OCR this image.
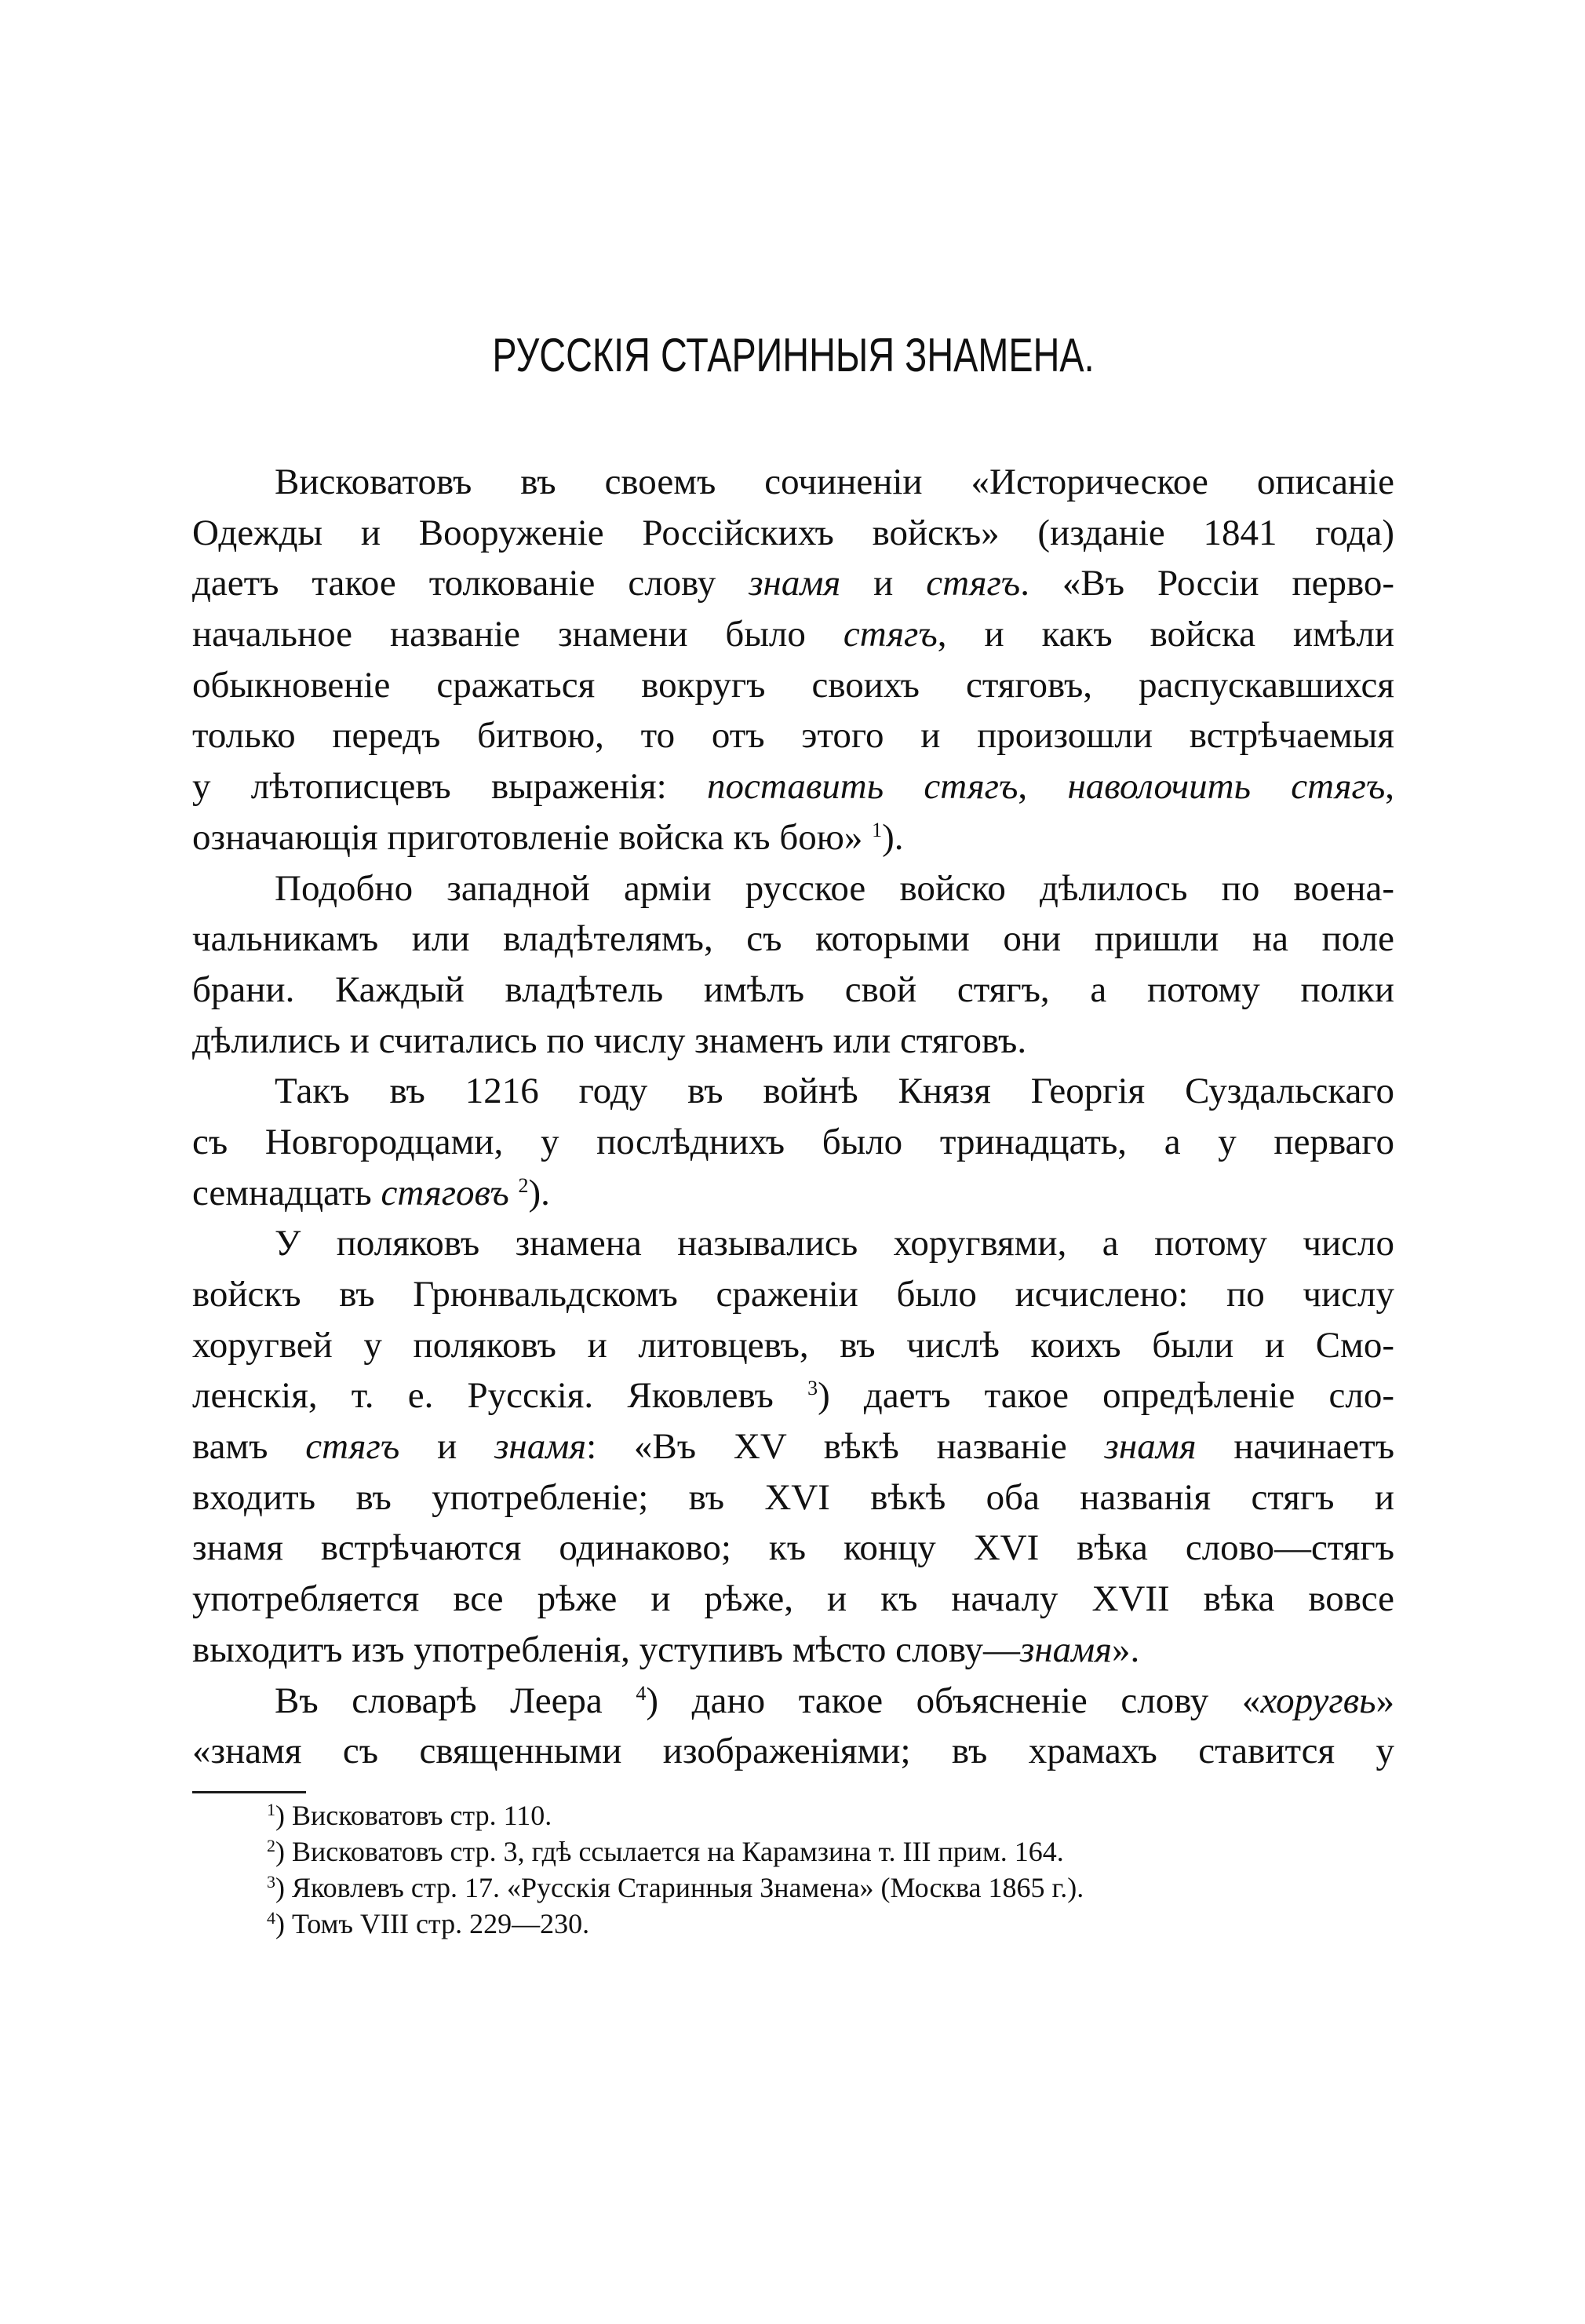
РУССКІЯ СТАРИННЫЯ ЗНАМЕНА.
Висковатовъ въ своемъ сочиненіи «Историческое описаніе
Одежды и Вооруженіе Россійскихъ войскъ» (изданіе 1841 года)
даетъ такое толкованіе слову знамя и стягъ. «Въ Россіи перво-
начальное названіе знамени было стягъ, и какъ войска имѣли
обыкновеніе сражаться вокругъ своихъ стяговъ, распускавшихся
только передъ битвою, то отъ этого и произошли встрѣчаемыя
у лѣтописцевъ выраженія: поставить стягъ, наволочить стягъ,
означающія приготовленіе войска къ бою» $^1$).
Подобно западной арміи русское войско дѣлилось по воена-
чальникамъ или владѣтелямъ, съ которыми они пришли на поле
брани. Каждый владѣтель имѣлъ свой стягъ, а потому полки
дѣлились и считались по числу знаменъ или стяговъ.
Такъ въ 1216 году въ войнѣ Князя Георгія Суздальскаго
съ Новгородцами, у послѣднихъ было тринадцать, а у перваго
семнадцать стяговъ $^2$).
У поляковъ знамена назывались хоругвями, а потому число
войскъ въ Грюнвальдскомъ сраженіи было исчислено: по числу
хоругвей у поляковъ и литовцевъ, въ числѣ коихъ были и Смо-
ленскія, т. е. Русскія. Яковлевъ $^3$) даетъ такое опредѣленіе сло-
вамъ стягъ и знамя: «Въ XV вѣкѣ названіе знамя начинаетъ
входить въ употребленіе; въ XVI вѣкѣ оба названія стягъ и
знамя встрѣчаются одинаково; къ концу XVI вѣка слово—стягъ
употребляется все рѣже и рѣже, и къ началу XVII вѣка вовсе
выходитъ изъ употребленія, уступивъ мѣсто слову—знамя».
Въ словарѣ Леера $^4$) дано такое объясненіе слову «хоругвь»
«знамя съ священными изображеніями; въ храмахъ ставится у
$^1$) Висковатовъ стр. 110.
$^2$) Висковатовъ стр. 3, гдѣ ссылается на Карамзина т. III прим. 164.
$^3$) Яковлевъ стр. 17. «Русскія Старинныя Знамена» (Москва 1865 г.).
$^4$) Томъ VIII стр. 229—230.
